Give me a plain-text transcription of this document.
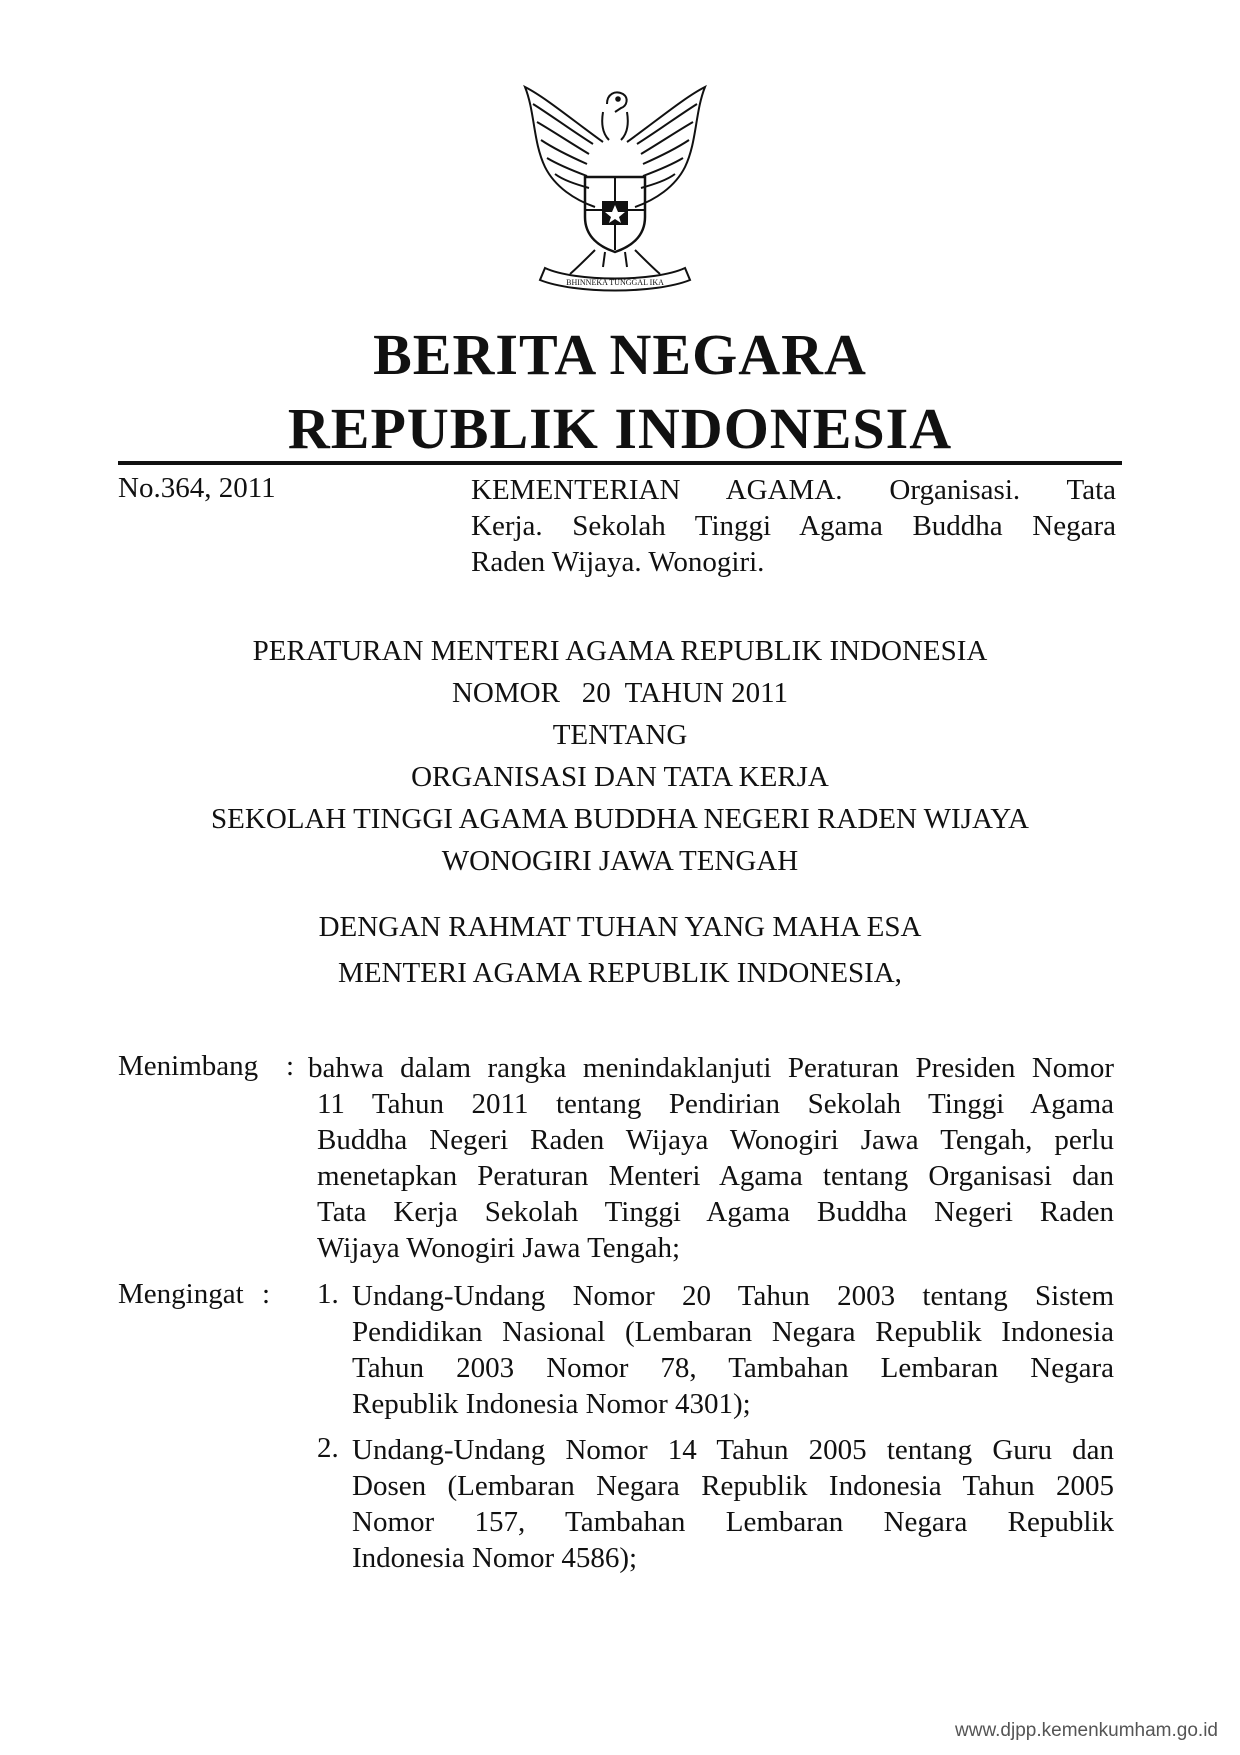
BHINNEKA TUNGGAL IKA
BERITA NEGARA
REPUBLIK INDONESIA
No.364, 2011	KEMENTERIAN AGAMA. Organisasi. Tata
Kerja. Sekolah Tinggi Agama Buddha Negara
Raden Wijaya. Wonogiri.
PERATURAN MENTERI AGAMA REPUBLIK INDONESIA
NOMOR   20  TAHUN 2011
TENTANG
ORGANISASI DAN TATA KERJA
SEKOLAH TINGGI AGAMA BUDDHA NEGERI RADEN WIJAYA
WONOGIRI JAWA TENGAH
DENGAN RAHMAT TUHAN YANG MAHA ESA
MENTERI AGAMA REPUBLIK INDONESIA,
Menimbang : bahwa dalam rangka menindaklanjuti Peraturan Presiden Nomor
11 Tahun 2011 tentang Pendirian Sekolah Tinggi Agama
Buddha Negeri Raden Wijaya Wonogiri Jawa Tengah, perlu
menetapkan Peraturan Menteri Agama tentang Organisasi dan
Tata Kerja Sekolah Tinggi Agama Buddha Negeri Raden
Wijaya Wonogiri Jawa Tengah;
Mengingat : 1. Undang-Undang Nomor 20 Tahun 2003 tentang Sistem
Pendidikan Nasional (Lembaran Negara Republik Indonesia
Tahun 2003 Nomor 78, Tambahan Lembaran Negara
Republik Indonesia Nomor 4301);
2. Undang-Undang Nomor 14 Tahun 2005 tentang Guru dan
Dosen (Lembaran Negara Republik Indonesia Tahun 2005
Nomor 157, Tambahan Lembaran Negara Republik
Indonesia Nomor 4586);
www.djpp.kemenkumham.go.id
